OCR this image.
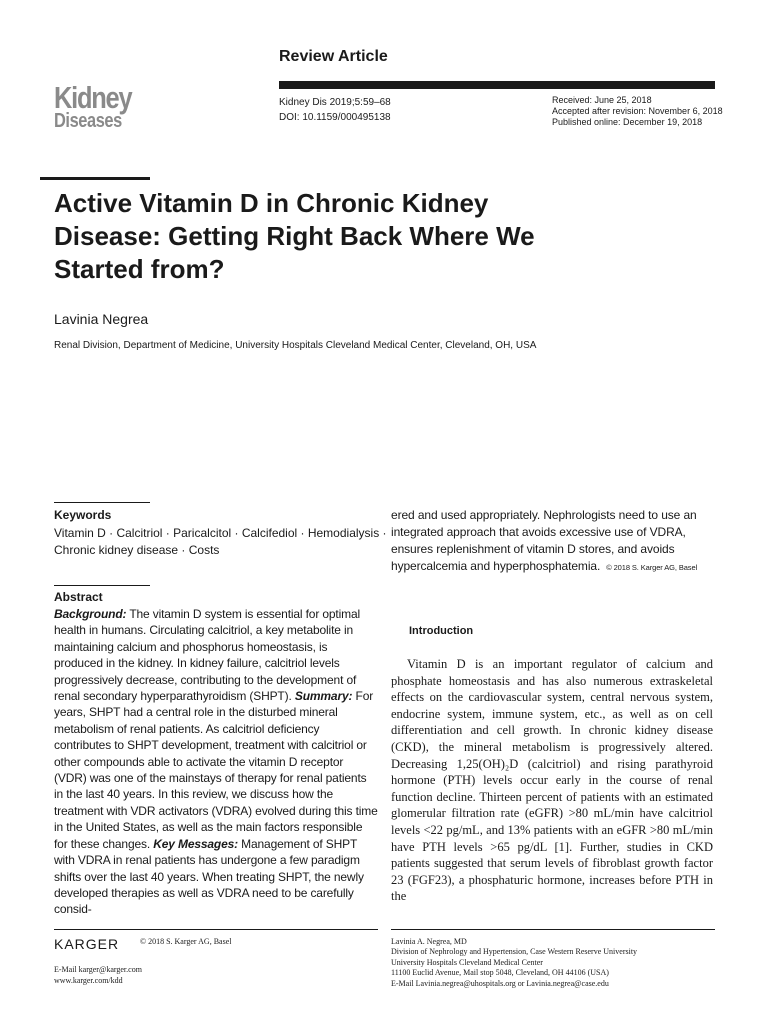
Review Article
Kidney
Diseases
Kidney Dis 2019;5:59–68
DOI: 10.1159/000495138
Received: June 25, 2018
Accepted after revision: November 6, 2018
Published online: December 19, 2018
Active Vitamin D in Chronic Kidney
Disease: Getting Right Back Where We
Started from?
Lavinia Negrea
Renal Division, Department of Medicine, University Hospitals Cleveland Medical Center, Cleveland, OH, USA
Keywords
Vitamin D · Calcitriol · Paricalcitol · Calcifediol · Hemodialysis ·
Chronic kidney disease · Costs
Abstract

Background: The vitamin D system is essential for optimal health in humans. Circulating calcitriol, a key metabolite in maintaining calcium and phosphorus homeostasis, is produced in the kidney. In kidney failure, calcitriol levels progressively decrease, contributing to the development of renal secondary hyperparathyroidism (SHPT). Summary: For years, SHPT had a central role in the disturbed mineral metabolism of renal patients. As calcitriol deficiency contributes to SHPT development, treatment with calcitriol or other compounds able to activate the vitamin D receptor (VDR) was one of the mainstays of therapy for renal patients in the last 40 years. In this review, we discuss how the treatment with VDR activators (VDRA) evolved during this time in the United States, as well as the main factors responsible for these changes. Key Messages: Management of SHPT with VDRA in renal patients has undergone a few paradigm shifts over the last 40 years. When treating SHPT, the newly developed therapies as well as VDRA need to be carefully consid-

ered and used appropriately. Nephrologists need to use an integrated approach that avoids excessive use of VDRA, ensures replenishment of vitamin D stores, and avoids hypercalcemia and hyperphosphatemia. © 2018 S. Karger AG, Basel
Introduction

Vitamin D is an important regulator of calcium and phosphate homeostasis and has also numerous extraskeletal effects on the cardiovascular system, central nervous system, endocrine system, immune system, etc., as well as on cell differentiation and cell growth. In chronic kidney disease (CKD), the mineral metabolism is progressively altered. Decreasing 1,25(OH)₂D (calcitriol) and rising parathyroid hormone (PTH) levels occur early in the course of renal function decline. Thirteen percent of patients with an estimated glomerular filtration rate (eGFR) >80 mL/min have calcitriol levels <22 pg/mL, and 13% patients with an eGFR >80 mL/min have PTH levels >65 pg/dL [1]. Further, studies in CKD patients suggested that serum levels of fibroblast growth factor 23 (FGF23), a phosphaturic hormone, increases before PTH in the

KARGER	© 2018 S. Karger AG, Basel
E-Mail karger@karger.com
www.karger.com/kdd
Lavinia A. Negrea, MD
Division of Nephrology and Hypertension, Case Western Reserve University
University Hospitals Cleveland Medical Center
11100 Euclid Avenue, Mail stop 5048, Cleveland, OH 44106 (USA)
E-Mail Lavinia.negrea@uhospitals.org or Lavinia.negrea@case.edu
